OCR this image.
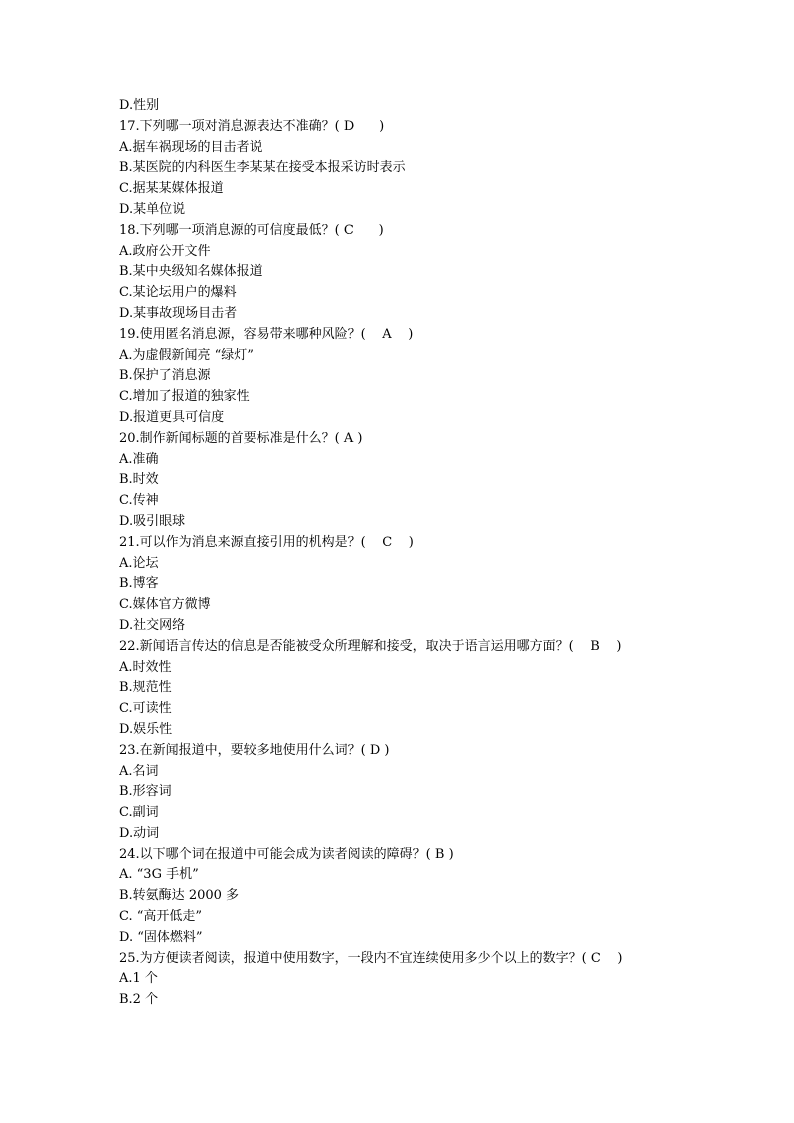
D.性别
17.下列哪一项对消息源表达不准确？( D      )
A.据车祸现场的目击者说
B.某医院的内科医生李某某在接受本报采访时表示
C.据某某媒体报道
D.某单位说
18.下列哪一项消息源的可信度最低？( C      )
A.政府公开文件
B.某中央级知名媒体报道
C.某论坛用户的爆料
D.某事故现场目击者
19.使用匿名消息源，容易带来哪种风险？(    A    )
A.为虚假新闻亮 “绿灯”
B.保护了消息源
C.增加了报道的独家性
D.报道更具可信度
20.制作新闻标题的首要标准是什么？( A )
A.准确
B.时效
C.传神
D.吸引眼球
21.可以作为消息来源直接引用的机构是？(    C    )
A.论坛
B.博客
C.媒体官方微博
D.社交网络
22.新闻语言传达的信息是否能被受众所理解和接受，取决于语言运用哪方面？(    B    )
A.时效性
B.规范性
C.可读性
D.娱乐性
23.在新闻报道中，要较多地使用什么词？( D )
A.名词
B.形容词
C.副词
D.动词
24.以下哪个词在报道中可能会成为读者阅读的障碍？( B )
A. “3G 手机”
B.转氨酶达 2000 多
C. “高开低走”
D. “固体燃料”
25.为方便读者阅读，报道中使用数字，一段内不宜连续使用多少个以上的数字？( C    )
A.1 个
B.2 个
